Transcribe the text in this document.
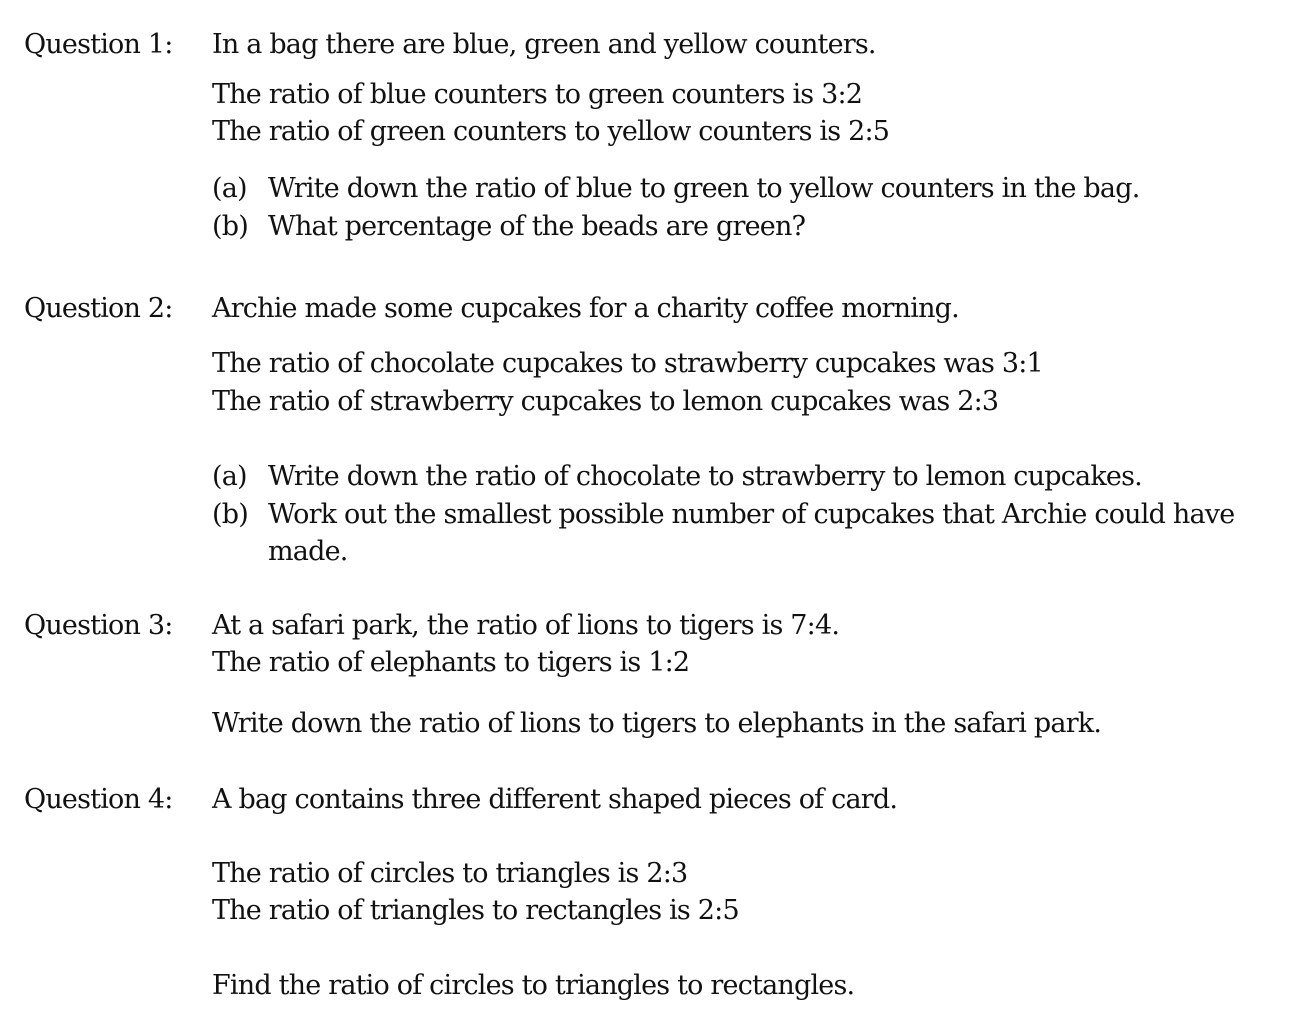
Question 1: In a bag there are blue, green and yellow counters.
The ratio of blue counters to green counters is 3:2
The ratio of green counters to yellow counters is 2:5
(a) Write down the ratio of blue to green to yellow counters in the bag.
(b) What percentage of the beads are green?
Question 2: Archie made some cupcakes for a charity coffee morning.
The ratio of chocolate cupcakes to strawberry cupcakes was 3:1
The ratio of strawberry cupcakes to lemon cupcakes was 2:3
(a) Write down the ratio of chocolate to strawberry to lemon cupcakes.
(b) Work out the smallest possible number of cupcakes that Archie could have
made.
Question 3: At a safari park, the ratio of lions to tigers is 7:4.
The ratio of elephants to tigers is 1:2
Write down the ratio of lions to tigers to elephants in the safari park.
Question 4: A bag contains three different shaped pieces of card.
The ratio of circles to triangles is 2:3
The ratio of triangles to rectangles is 2:5
Find the ratio of circles to triangles to rectangles.
